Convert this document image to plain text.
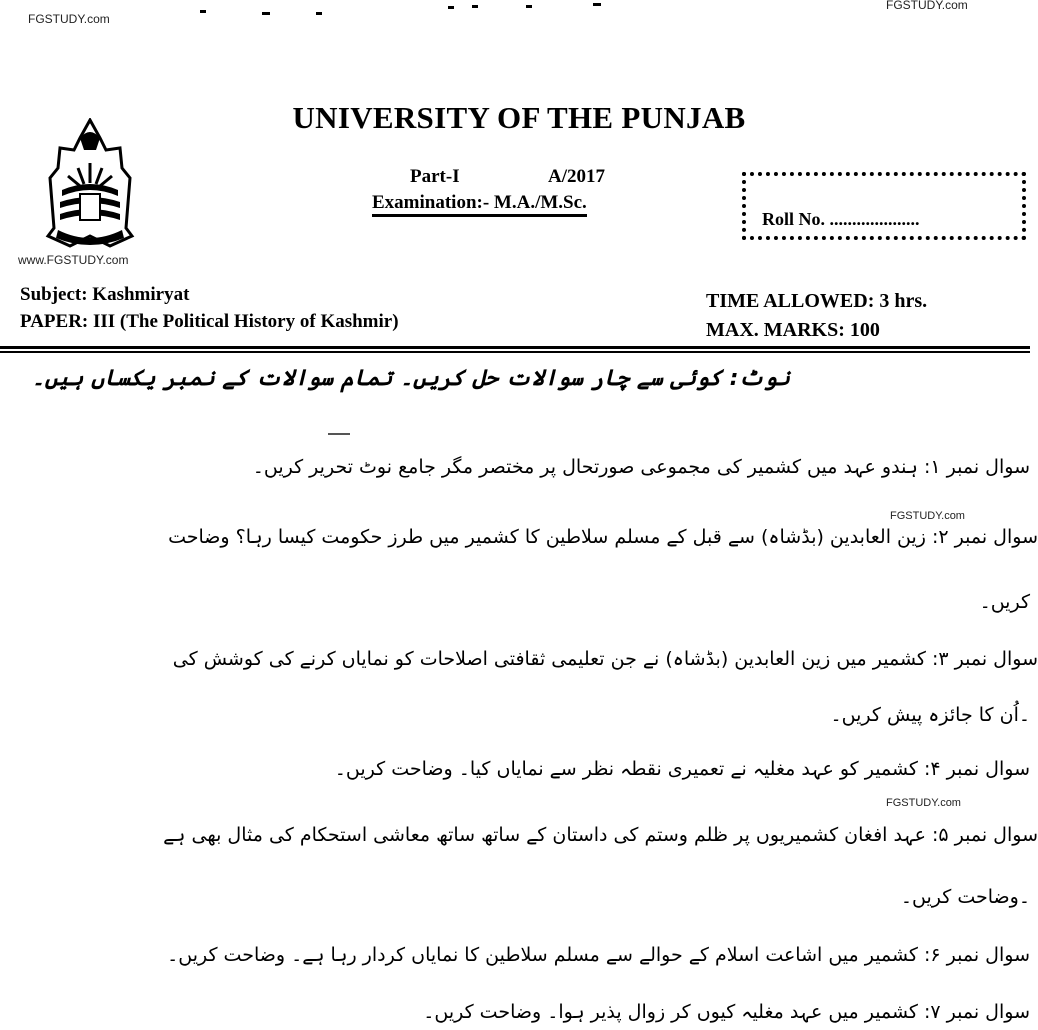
FGSTUDY.com
FGSTUDY.com
www.FGSTUDY.com
FGSTUDY.com
FGSTUDY.com
UNIVERSITY OF THE PUNJAB
Part-I	A/2017
Examination:- M.A./M.Sc.
Roll No. ....................
Subject: Kashmiryat
PAPER: III (The Political History of Kashmir)
TIME ALLOWED: 3 hrs.
MAX. MARKS: 100
نوٹ: کوئی سے چار سوالات حل کریں۔ تمام سوالات کے نمبر یکساں ہیں۔
سوال نمبر ۱: ہندو عہد میں کشمیر کی مجموعی صورتحال پر مختصر مگر جامع نوٹ تحریر کریں۔
سوال نمبر ۲: زین العابدین (بڈشاہ) سے قبل کے مسلم سلاطین کا کشمیر میں طرز حکومت کیسا رہا؟ وضاحت
کریں۔
سوال نمبر ۳: کشمیر میں زین العابدین (بڈشاہ) نے جن تعلیمی ثقافتی اصلاحات کو نمایاں کرنے کی کوشش کی
۔اُن کا جائزہ پیش کریں۔
سوال نمبر ۴: کشمیر کو عہد مغلیہ نے تعمیری نقطہ نظر سے نمایاں کیا۔ وضاحت کریں۔
سوال نمبر ۵: عہد افغان کشمیریوں پر ظلم وستم کی داستان کے ساتھ ساتھ معاشی استحکام کی مثال بھی ہے
۔وضاحت کریں۔
سوال نمبر ۶: کشمیر میں اشاعت اسلام کے حوالے سے مسلم سلاطین کا نمایاں کردار رہا ہے۔ وضاحت کریں۔
سوال نمبر ۷: کشمیر میں عہد مغلیہ کیوں کر زوال پذیر ہوا۔ وضاحت کریں۔
